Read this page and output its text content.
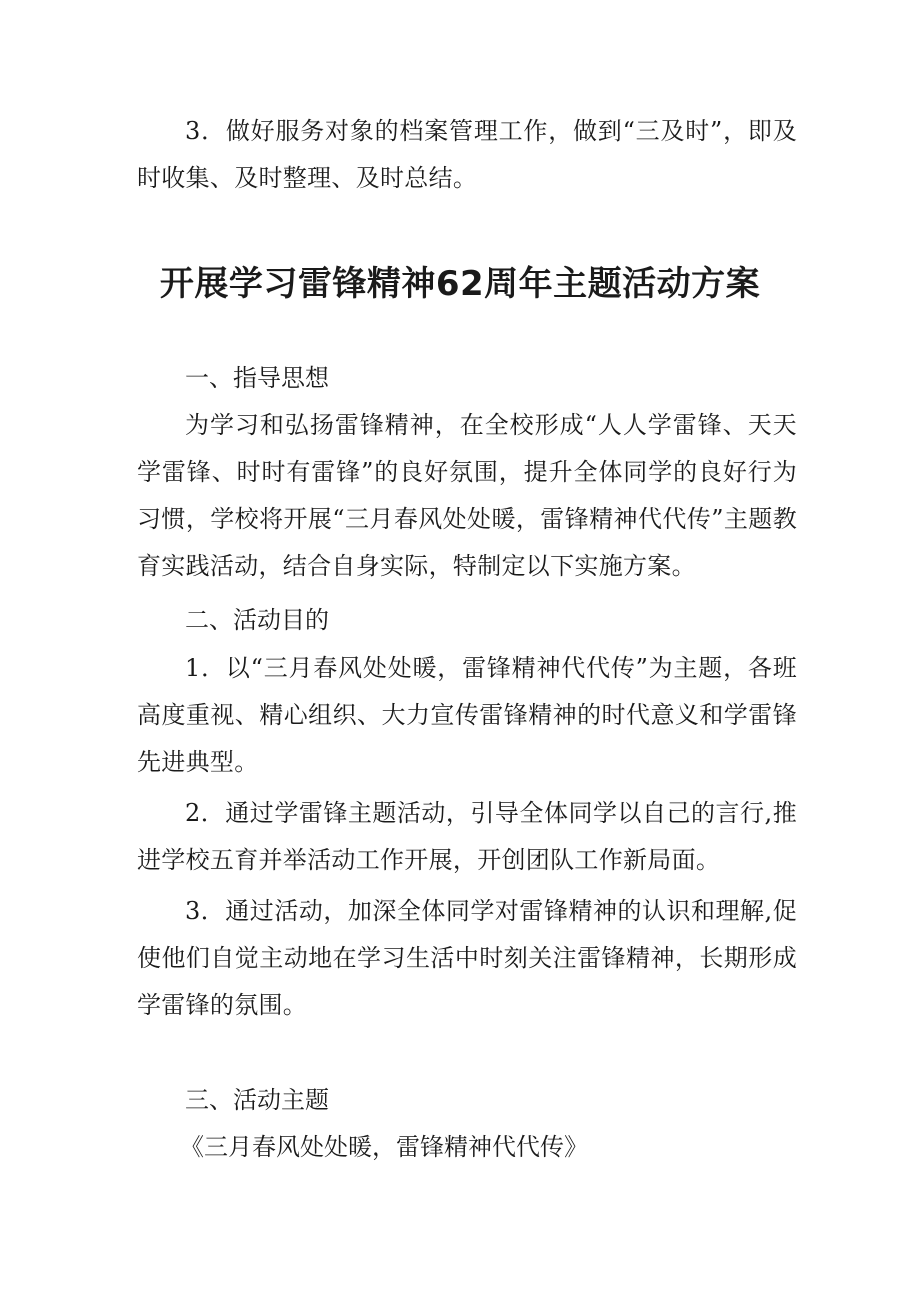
3．做好服务对象的档案管理工作，做到“三及时”，即及时收集、及时整理、及时总结。

开展学习雷锋精神62周年主题活动方案

一、指导思想

为学习和弘扬雷锋精神，在全校形成“人人学雷锋、天天学雷锋、时时有雷锋”的良好氛围，提升全体同学的良好行为习惯，学校将开展“三月春风处处暖，雷锋精神代代传”主题教育实践活动，结合自身实际，特制定以下实施方案。

二、活动目的

1．以“三月春风处处暖，雷锋精神代代传”为主题，各班高度重视、精心组织、大力宣传雷锋精神的时代意义和学雷锋先进典型。

2．通过学雷锋主题活动，引导全体同学以自己的言行,推进学校五育并举活动工作开展，开创团队工作新局面。

3．通过活动，加深全体同学对雷锋精神的认识和理解,促使他们自觉主动地在学习生活中时刻关注雷锋精神，长期形成学雷锋的氛围。

三、活动主题

《三月春风处处暖，雷锋精神代代传》
